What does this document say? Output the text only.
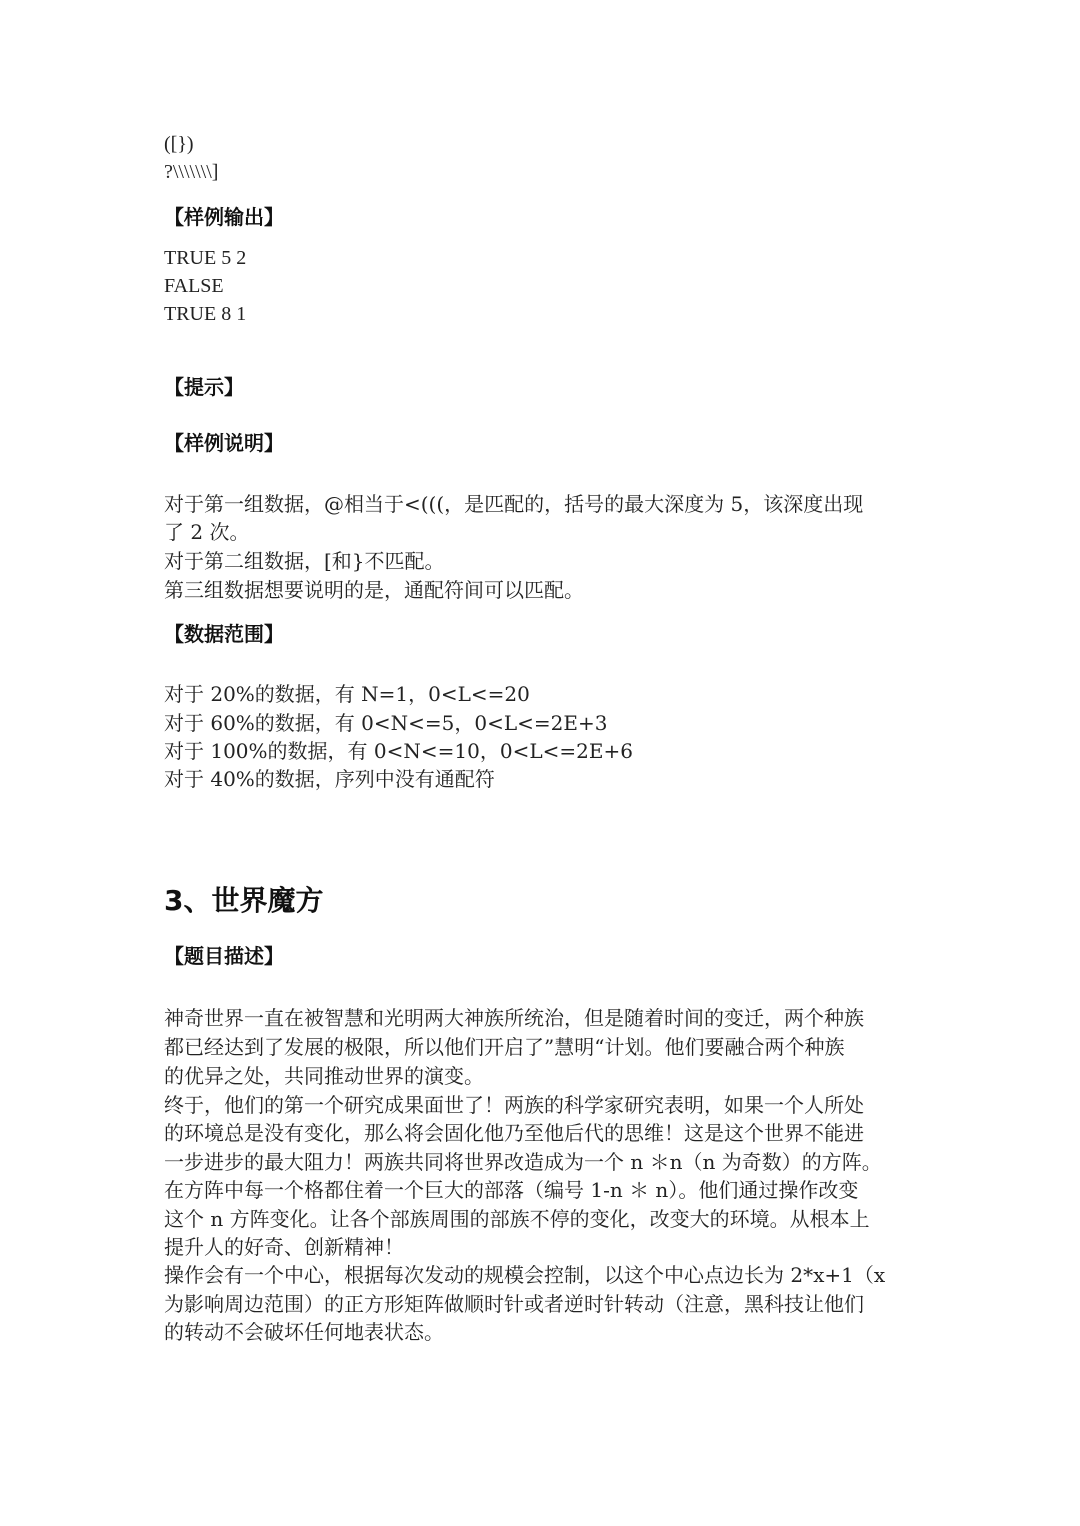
([})
?\\\\\\\]
【样例输出】
TRUE 5 2
FALSE
TRUE 8 1
【提示】
【样例说明】
对于第一组数据，@相当于<(((，是匹配的，括号的最大深度为 5，该深度出现
了 2 次。
对于第二组数据，[和}不匹配。
第三组数据想要说明的是，通配符间可以匹配。
【数据范围】
对于 20%的数据，有 N=1，0<L<=20
对于 60%的数据，有 0<N<=5，0<L<=2E+3
对于 100%的数据，有 0<N<=10，0<L<=2E+6
对于 40%的数据，序列中没有通配符
3、世界魔方
【题目描述】
神奇世界一直在被智慧和光明两大神族所统治，但是随着时间的变迁，两个种族
都已经达到了发展的极限，所以他们开启了”慧明“计划。他们要融合两个种族
的优异之处，共同推动世界的演变。
终于，他们的第一个研究成果面世了！两族的科学家研究表明，如果一个人所处
的环境总是没有变化，那么将会固化他乃至他后代的思维！这是这个世界不能进
一步进步的最大阻力！两族共同将世界改造成为一个 n ＊n（n 为奇数）的方阵。
在方阵中每一个格都住着一个巨大的部落（编号 1-n ＊ n）。他们通过操作改变
这个 n 方阵变化。让各个部族周围的部族不停的变化，改变大的环境。从根本上
提升人的好奇、创新精神！
操作会有一个中心，根据每次发动的规模会控制，以这个中心点边长为 2*x+1（x
为影响周边范围）的正方形矩阵做顺时针或者逆时针转动（注意，黑科技让他们
的转动不会破坏任何地表状态。
